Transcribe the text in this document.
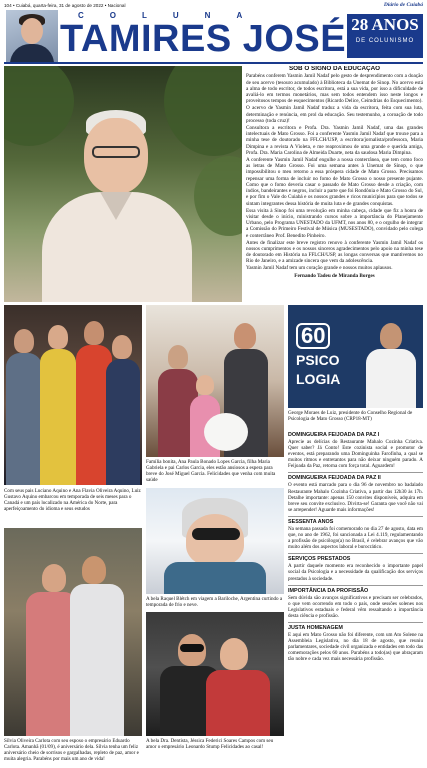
104 • Cuiabá, quarta-feira, 31 de agosto de 2022 • Nacional	Diário de Cuiabá
COLUNA
TAMIRES JOSÉ 28 ANOS
DE COLUNISMO
SOB O SIGNO DA EDUCAÇÃO

Parabéns conferem Yasmin Jamil Nadaf pelo gesto de desprendimento com a doação de seu acervo (tesouro acumulado) à Biblioteca da Unemat de Sinop. No acervo está a alma de todo escritor, de todos escritora, está a sua vida, por isso a dificuldade de avaliá-lo em termos monetários, mas sem todos entendem isso neste longos e proveitosos tempos de esquecimentos (Ricardo Delice, Ceimdrias do Esquecimento).

O acervo de Yasmin Jamil Nadaf traduz a vida da escritora, feita com sua luta, determinação e renúncia, em prol da educação. Seu testemunho, a coroação de todo processo (toda cruz)!

Consultora a escritora e Profa. Dra. Yasmin Jamil Nadaf, uma das grandes intelectuais de Mato Grosso. Foi a conferente Yasmin Jamil Nadaf que trouxe para a minha tese de doutorado na FFLCH/USP, a escritora/jornalista/professora, Maria Dimpina e a revista A Violeta, e me reaproximou de uma grande e querida amiga, Profa. Dra. Maria Carolina de Almeida Duarte, neta da saudosa Maria Dimpina.

A conferente Yasmin Jamil Nadaf engulhe a nossa conterrânea, que tem como foco as letras de Mato Grosso. Foi uma semana antes à Unemat de Sinop, o que impossibilitou o meu retorno a essa próspera cidade de Mato Grosso. Precisamos repensar uma forma de incluir no fomo de Mato Grosso o nosso presente pujante. Como que o fomo deveria casar o passado de Mato Grosso desde a criação, com índios, bandeirantes e negros, incluir a parte que foi Rondônia e Mato Grosso do Sul, e por fim o Vale do Cuiabá e os nossos grandes e ricos municípios para que todos se sintam integrantes dessa história de muita luta e de grandes conquistas.

Essa visita à Sinop foi uma revolução em minha cabeça, cidade que fiz a honra de visitar desde o início, ministrando cursos sobre a importância do Planejamento Urbano, pelo Programa UNESTADO da UFMT, nos anos 80, e o orgulho de integrar a Comissão do Primeiro Festival de Música (MUSESTADO), convidado pelo colega e conterrâneo Prof. Benedito Pinheiro.

Antes de finalizar este breve registro renovo à conferente Yasmin Jamil Nadaf os nossos cumprimentos e os nossos sinceros agradecimentos pelo apoio na minha tese de doutorado em História na FFLCH/USP, as longas conversas que mantivemos no Rio de Janeiro, e a amizade sincera que vem da adolescência.

Yasmin Jamil Nadaf tem um coração grande e nossos muitos aplausos.

Fernando Tadeu de Miranda Borges
60
PSICO
LOGIA
George Moraes de Luiz, presidente do Conselho Regional de Psicologia de Mato Grosso (CRP18-MT)
Família bonita, Ana Paula Bonado Lopes Garcia, filha Maria Gabriela e pai Carlos Garcia, eles estão ansiosos a espera para breve do José Miguel Garcia. Felicidades que venha com muita saúde
Com seus pais Luciano Aquino e Ana Flavia Oliveira Aquino, Luiz Gustavo Aquino embarcou em temporada de seis meses para o Canadá e um país localizado na América do Norte, para aperfeiçoamento do idioma e seus estudos
A bela Raquel Blétch em viagem a Bariloche, Argentina curtindo a temporada de frio e neve.
Sílvia Oliveira Carlota com seu esposo o empresário Eduardo Carlota. Amanhã (01/09), é aniversário dela. Sílvia tenha um feliz aniversário cheio de sorrisos e gargalhadas, repleto de paz, amor e muita alegria. Parabéns por mais um ano de vida!
A bela Dra. Dentista, Jéssica Federici Soares Campos com seu amor o empresário Leonardo Stump Felicidades ao casal!
DOMINGUEIRA FEIJOADA DA PAZ I

Aprecie as delícias do Restaurante Mahalo Cozinha Criativa. Quer saber? Já Conto! Este cozinista social e promotor de eventos, está preparando uma Dominguinha Farofinha, a qual se muitos ritmos e entretantos para não deixar ninguém parado. A Feijoada da Paz, retorna com força total. Aguardem!

DOMINGUEIRA FEIJOADA DA PAZ II

O evento está marcado para o dia 96 de novembro no badalado Restaurante Mahalo Cozinha Criativa, a partir das 12h30 às 17h. Detalhe importante: apenas 150 convites disponíveis, adquira em breve seu convite exclusivo. Divirta-se! Garanta que você não vai se arrepender! Aguarde mais informações!

SESSENTA ANOS

Na semana passada foi comemorado no dia 27 de agosto, data em que, no ano de 1962, foi sancionada a Lei 4.119, regulamentando a profissão de psicólogo(a) no Brasil, é celebrar avanços que vão muito além dos aspectos laboral e burocrático.

SERVIÇOS PRESTADOS

A partir daquele momento era reconhecido o importante papel social da Psicologia e a necessidade da qualificação dos serviços prestados à sociedade.

IMPORTÂNCIA DA PROFISSÃO

Sem dúvida são avanços significativos e precisam ser celebrados, o que vem ocorrendo em todo o país, onde sessões solenes nos Legislativos estaduais e federal vêm ressaltando a importância desta ciência e profissão.

JUSTA HOMENAGEM

E aqui em Mato Grosso não foi diferente, com um Ato Solene na Assembleia Legislativa, no dia 18 de agosto, que reuniu parlamentares, sociedade civil organizada e entidades em todo das comemorações pelos 60 anos. Parabéns a todo(as) que abraçaram tão nobre e cada vez mais necessária profissão.
